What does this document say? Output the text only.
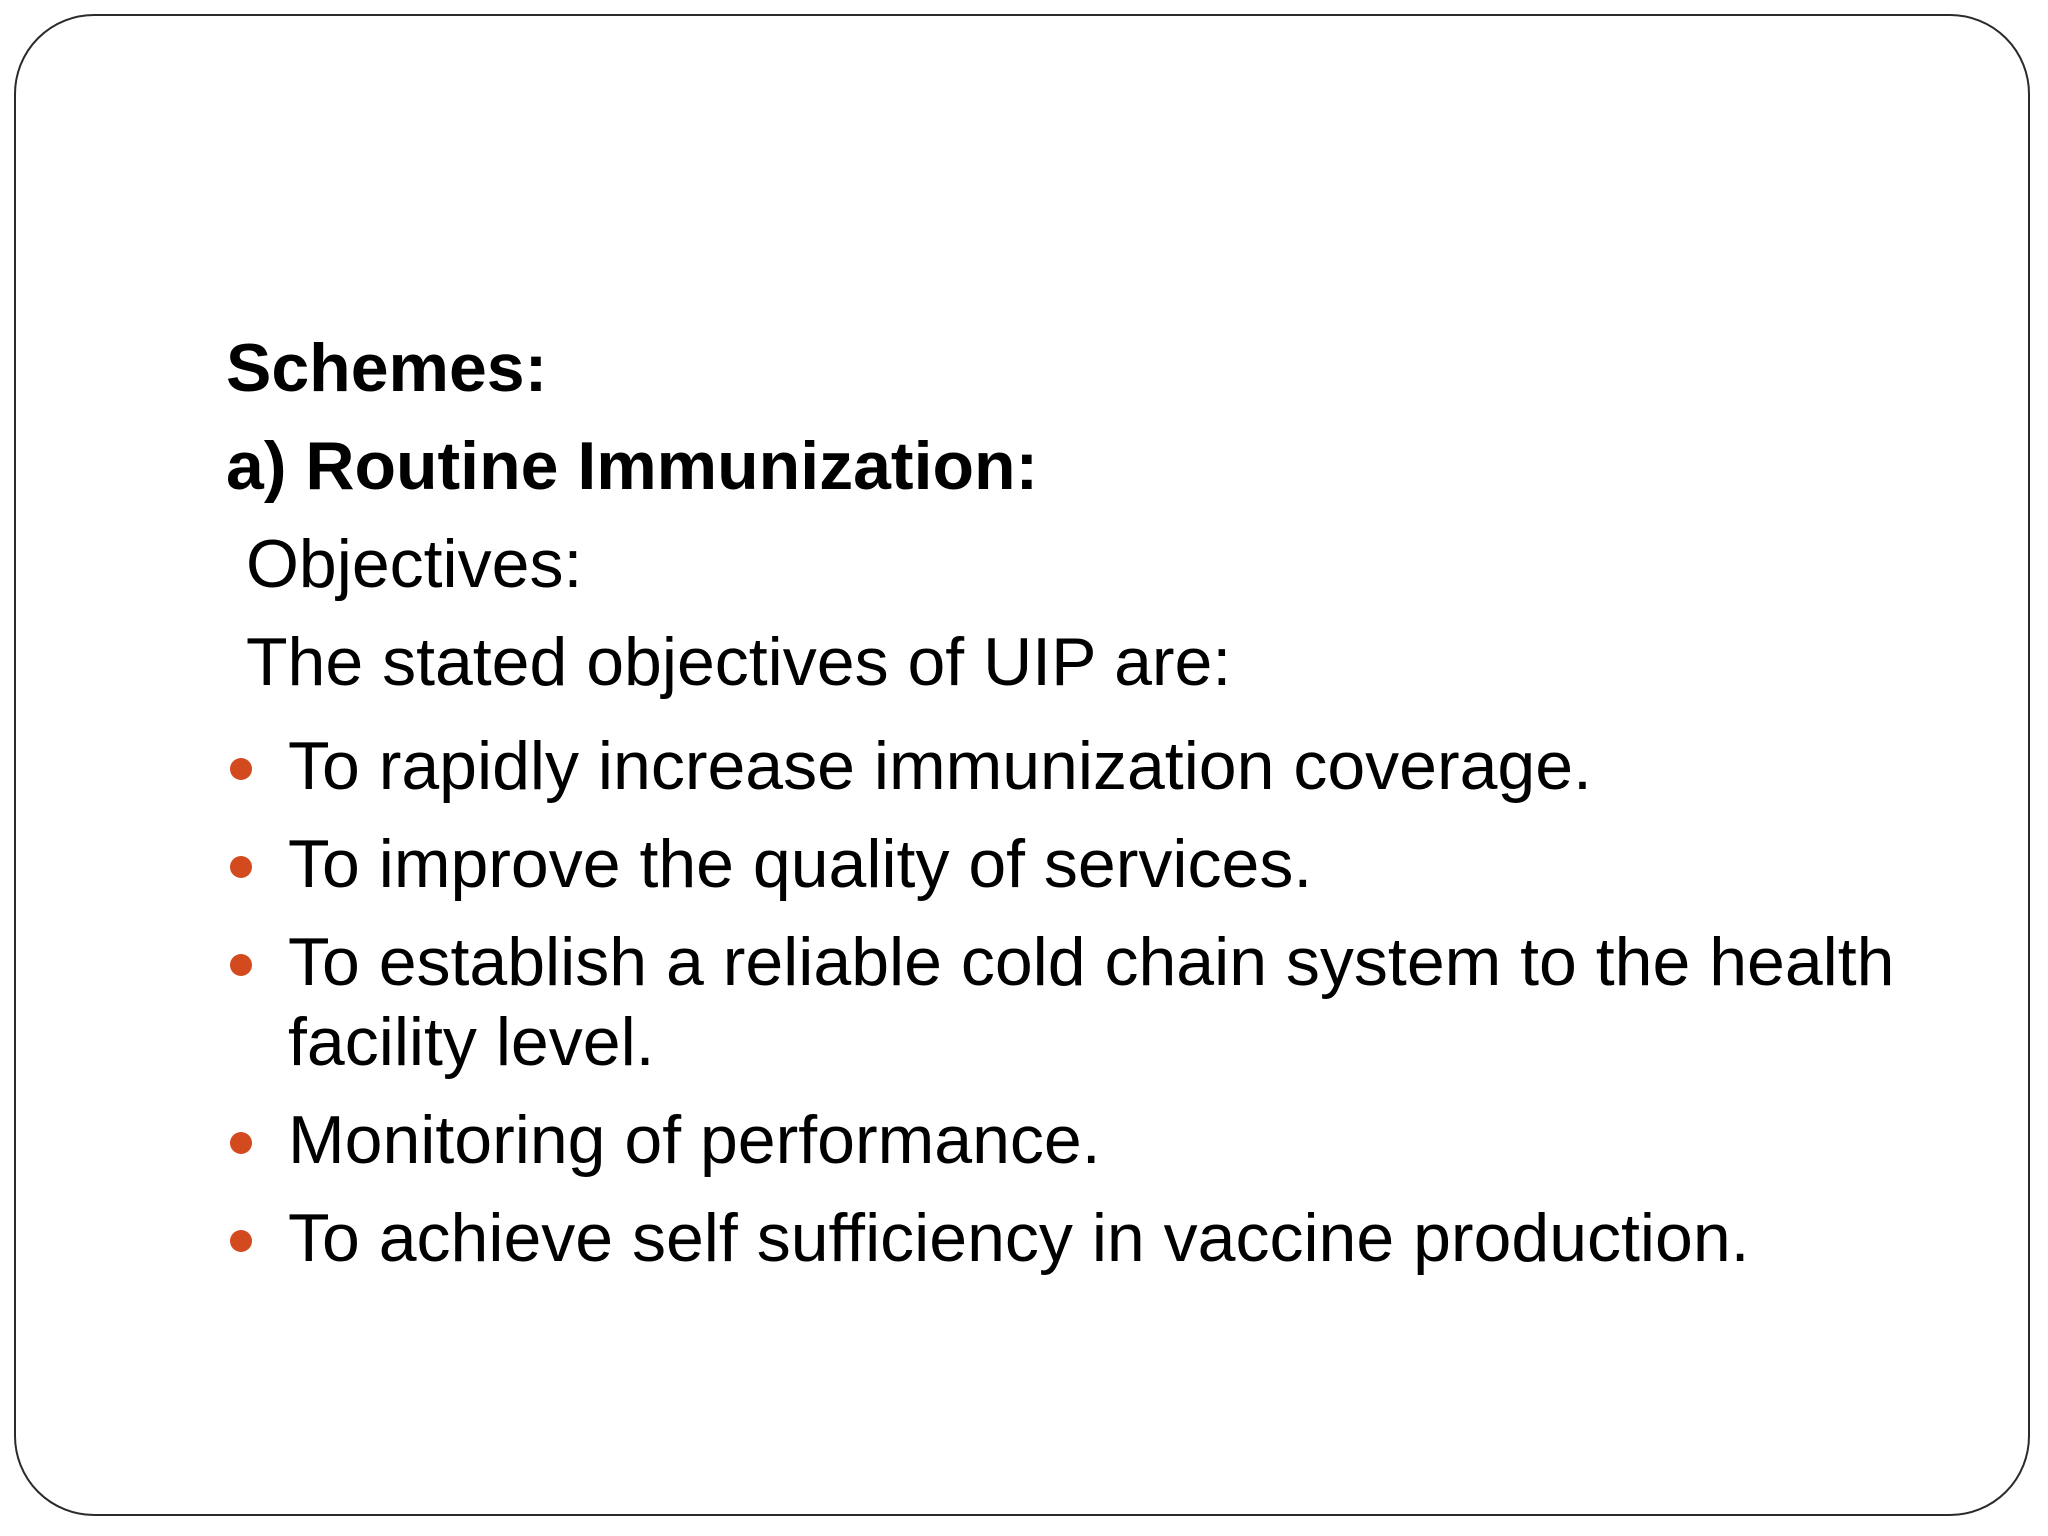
Schemes:
a) Routine Immunization:
Objectives:
The stated objectives of UIP are:
To rapidly increase immunization coverage.
To improve the quality of services.
To establish a reliable cold chain system to the health facility level.
Monitoring of performance.
To achieve self sufficiency in vaccine production.
